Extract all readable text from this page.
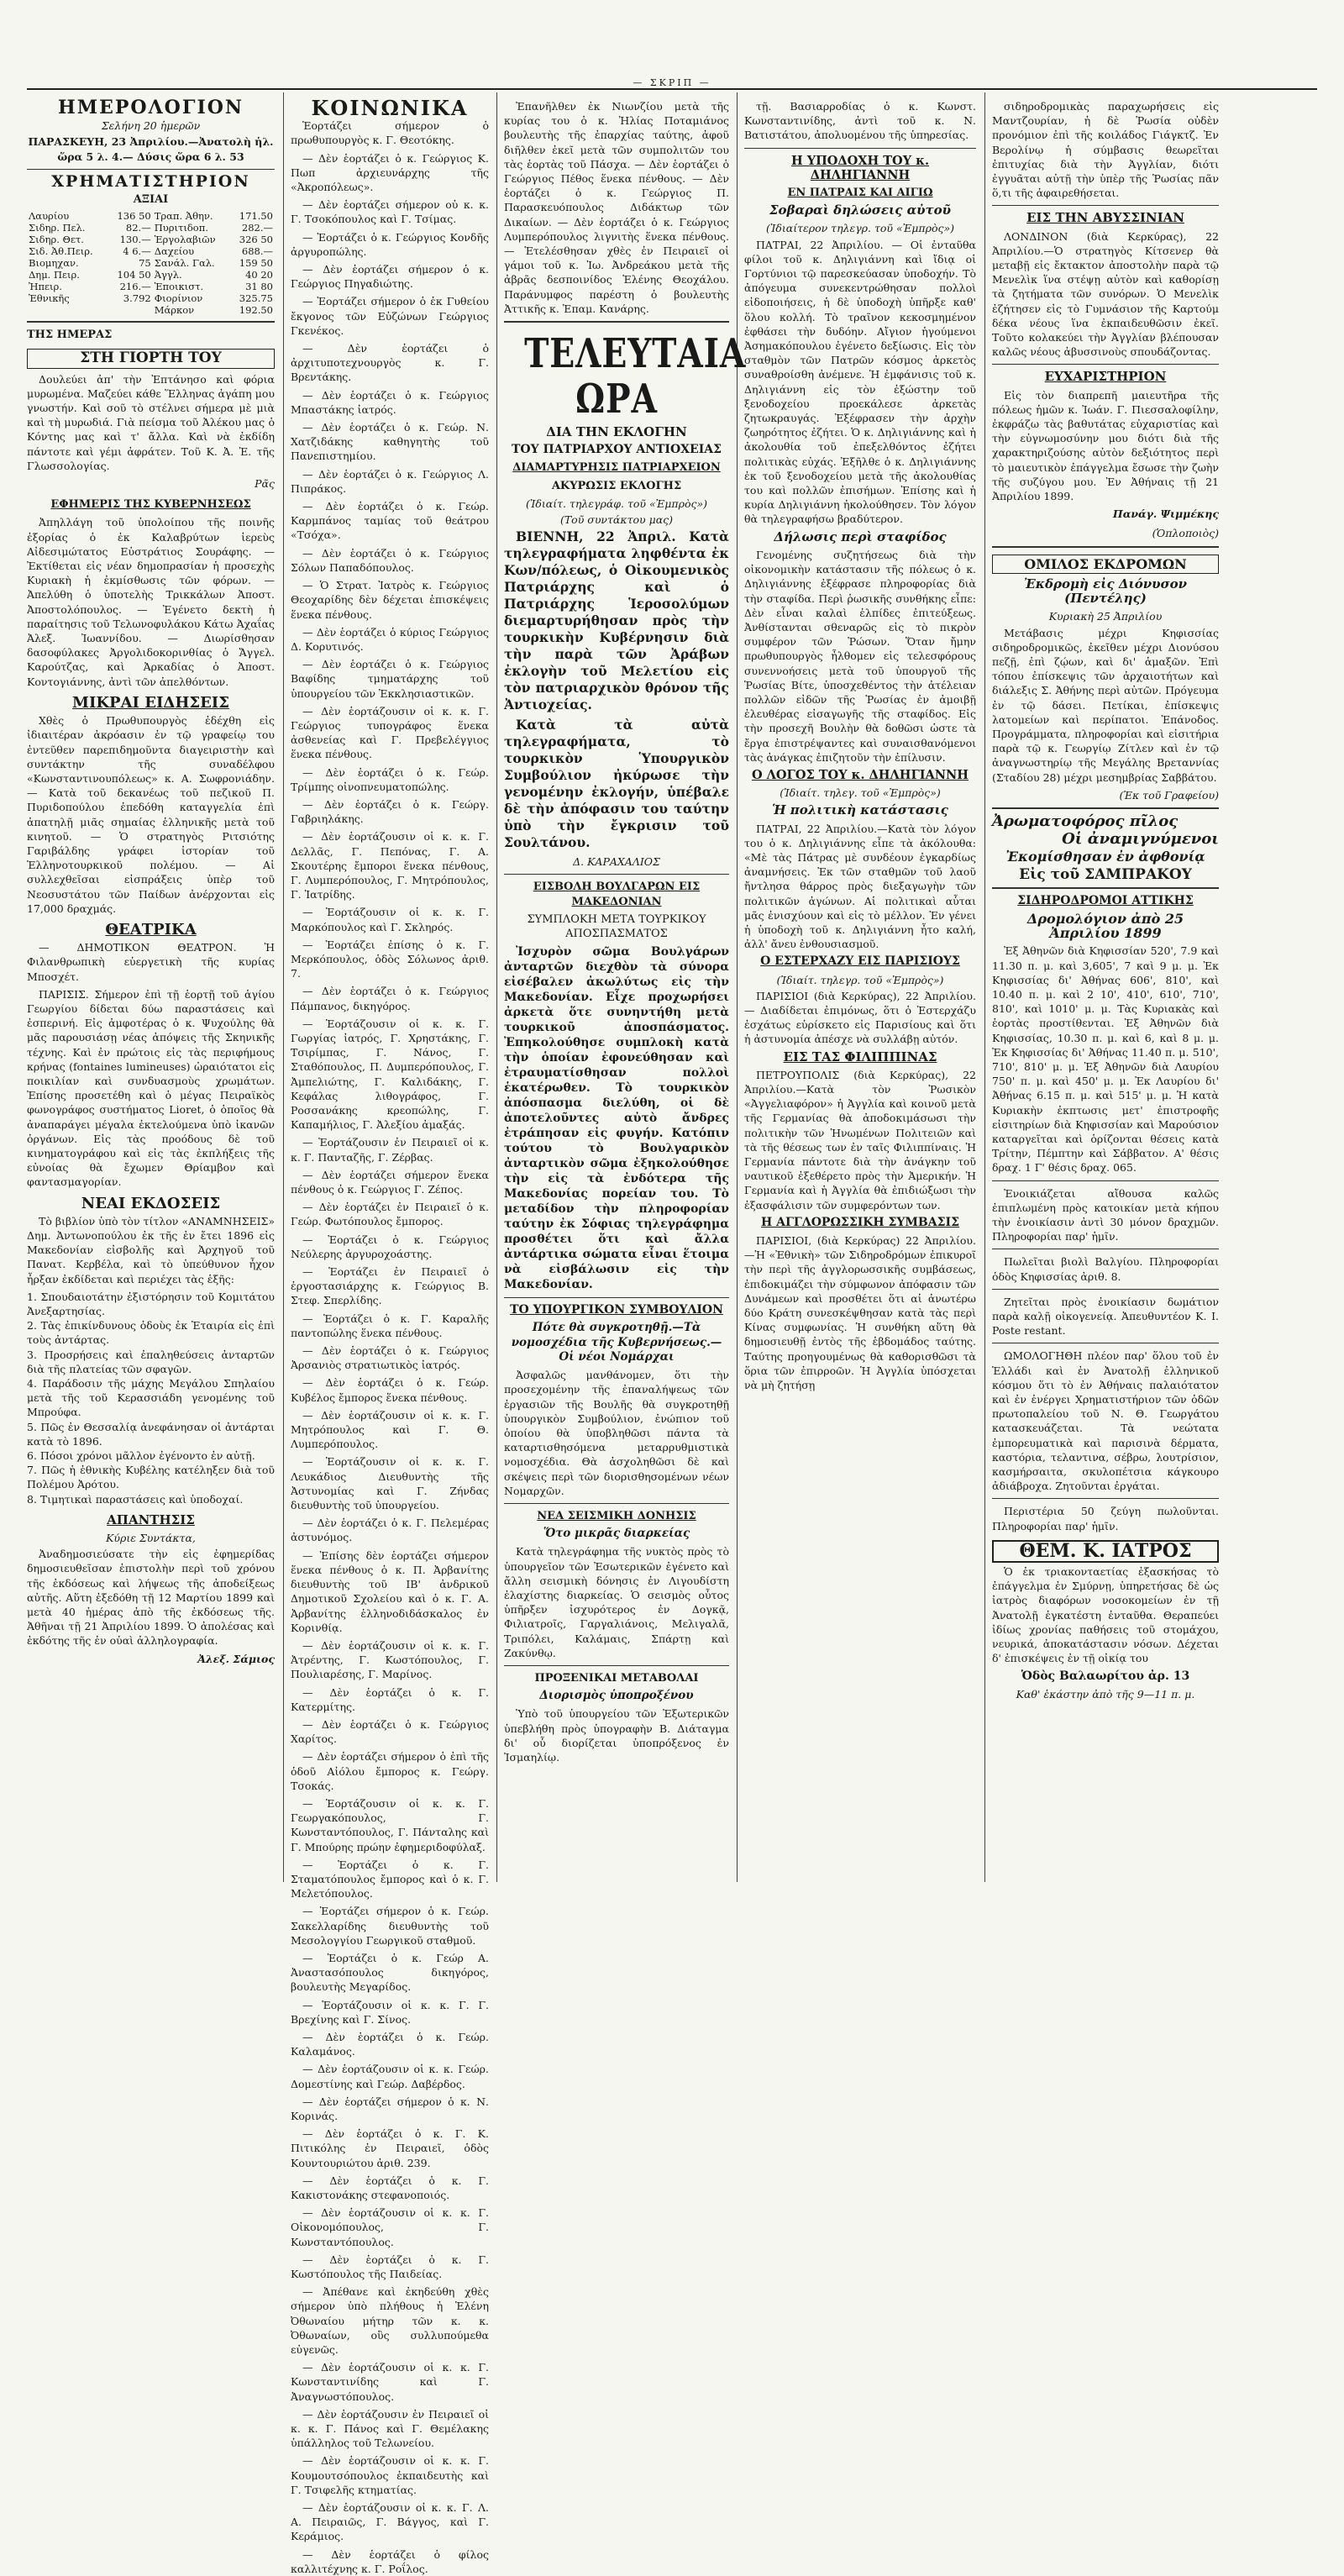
— ΣΚΡΙΠ —
ΗΜΕΡΟΛΟΓΙΟΝ
Σελήνη 20 ἡμερῶν
ΠΑΡΑΣΚΕΥΗ, 23 Ἀπριλίου.—Ἀνατολὴ ἡλ. ὥρα 5 λ. 4.— Δύσις ὥρα 6 λ. 53
ΧΡΗΜΑΤΙΣΤΗΡΙΟΝ
ΑΞΙΑΙ
Λαυρίου	136 50	Τραπ. Ἀθην.	171.50
Σιδηρ. Πελ.	82.—	Πυριτιδοπ.	282.—
Σιδηρ. Θετ.	130.—	Ἐργολαβιῶν	326 50
Σιδ. Ἀθ.Πειρ.	4 6.—	Δαχείου	688.—
Βιομηχαν.	75	Σανάλ. Γαλ.	159 50
Δημ. Πειρ.	104 50	Ἀγγλ.	40 20
Ἠπειρ.	216.—	Ἐποικιστ.	31 80
Ἐθνικῆς	3.792	Φιορίνιον	325.75
		Μάρκον	192.50
ΤΗΣ ΗΜΕΡΑΣ
ΣΤΗ ΓΙΟΡΤΗ ΤΟΥ

Δουλεύει ἀπ' τὴν Ἐπτάνησο καὶ φόρια μυρωμένα. Μαζεύει κάθε Ἕλληνας ἀγάπη μου γνωστήν. Καὶ σοῦ τὸ στέλνει σήμερα μὲ μιὰ καὶ τὴ μυρωδιά. Γιὰ πείσμα τοῦ Ἀλέκου μας ὁ Κόντης μας καὶ τ' ἄλλα. Καὶ νὰ ἐκδίδη πάντοτε καὶ γέμι ἀφράτεν. Τοῦ Κ. Ἀ. Ἐ. τῆς Γλωσσολογίας.

Ρᾶς
ΕΦΗΜΕΡΙΣ ΤΗΣ ΚΥΒΕΡΝΗΣΕΩΣ

Ἀπηλλάγη τοῦ ὑπολοίπου τῆς ποινῆς ἐξορίας ὁ ἐκ Καλαβρύτων ἱερεὺς Αἰδεσιμώτατος Εὐστράτιος Σουράφης. — Ἐκτίθεται εἰς νέαν δημοπρασίαν ἡ προσεχὴς Κυριακὴ ἡ ἐκμίσθωσις τῶν φόρων. — Ἀπελύθη ὁ ὑποτελὴς Τρικκάλων Ἀποστ. Ἀποστολόπουλος. — Ἐγένετο δεκτὴ ἡ παραίτησις τοῦ Τελωνοφυλάκου Κάτω Ἀχαΐας Ἀλεξ. Ἰωαννίδου. — Διωρίσθησαν δασοφύλακες Ἀργολιδοκορινθίας ὁ Ἄγγελ. Καρούτζας, καὶ Ἀρκαδίας ὁ Ἀποστ. Κοντογιάννης, ἀντὶ τῶν ἀπελθόντων.

ΜΙΚΡΑΙ ΕΙΔΗΣΕΙΣ

Χθὲς ὁ Πρωθυπουργὸς ἐδέχθη εἰς ἰδιαιτέραν ἀκρόασιν ἐν τῷ γραφείῳ του ἐντεῦθεν παρεπιδημοῦντα διαγειριστὴν καὶ συντάκτην τῆς συναδέλφου «Κωνσταντινουπόλεως» κ. Α. Σωφρονιάδην. — Κατὰ τοῦ δεκανέως τοῦ πεζικοῦ Π. Πυριδοπούλου ἐπεδόθη καταγγελία ἐπὶ ἀπατηλῇ μιᾶς σημαίας ἑλληνικῆς μετὰ τοῦ κινητοῦ. — Ὁ στρατηγὸς Ριτσιότης Γαριβάλδης γράφει ἱστορίαν τοῦ Ἑλληνοτουρκικοῦ πολέμου. — Αἱ συλλεχθεῖσαι εἰσπράξεις ὑπὲρ τοῦ Νεοσυστάτου τῶν Παίδων ἀνέρχονται εἰς 17,000 δραχμάς.

ΘΕΑΤΡΙΚΑ

— ΔΗΜΟΤΙΚΟΝ ΘΕΑΤΡΟΝ. Ἡ Φιλανθρωπικὴ εὐεργετικὴ τῆς κυρίας Μποσχέτ.

ΠΑΡΙΣΙΣ. Σήμερον ἐπὶ τῇ ἑορτῇ τοῦ ἁγίου Γεωργίου δίδεται δύω παραστάσεις καὶ ἐσπερινή. Εἰς ἀμφοτέρας ὁ κ. Ψυχούλης θὰ μᾶς παρουσιάσῃ νέας ἀπόψεις τῆς Σκηνικῆς τέχνης. Καὶ ἐν πρώτοις εἰς τὰς περιφήμους κρήνας (fontaines lumineuses) ὡραιότατοι εἰς ποικιλίαν καὶ συνδυασμοὺς χρωμάτων. Ἐπίσης προσετέθη καὶ ὁ μέγας Πειραϊκὸς φωνογράφος συστήματος Lioret, ὁ ὁποῖος θὰ ἀναπαράγει μέγαλα ἐκτελούμενα ὑπὸ ἱκανῶν ὀργάνων. Εἰς τὰς προόδους δὲ τοῦ κινηματογράφου καὶ εἰς τὰς ἐκπλήξεις τῆς εὐνοίας θὰ ἔχωμεν Θρίαμβον καὶ φαντασμαγορίαν.

ΝΕΑΙ ΕΚΔΟΣΕΙΣ

Τὸ βιβλίον ὑπὸ τὸν τίτλον «ΑΝΑΜΝΗΣΕΙΣ» Δημ. Ἀντωνοπούλου ἐκ τῆς ἐν ἔτει 1896 εἰς Μακεδονίαν εἰσβολῆς καὶ Ἀρχηγοῦ τοῦ Πανατ. Κερβέλα, καὶ τὸ ὑπεύθυνον ἦχον ἦρξαν ἐκδίδεται καὶ περιέχει τὰς ἑξῆς:

1. Σπουδαιοτάτην ἐξιστόρησιν τοῦ Κομιτάτου Ἀνεξαρτησίας.
2. Τὰς ἐπικίνδυνους ὁδοὺς ἐκ Ἐταιρία εἰς ἐπὶ τοὺς ἀντάρτας.
3. Προσρήσεις καὶ ἐπαληθεύσεις ἀνταρτῶν διὰ τῆς πλατείας τῶν σφαγῶν.
4. Παράδοσιν τῆς μάχης Μεγάλου Σπηλαίου μετὰ τῆς τοῦ Κερασσιάδη γενομένης τοῦ Μπρούφα.
5. Πῶς ἐν Θεσσαλίᾳ ἀνεφάνησαν οἱ ἀντάρται κατὰ τὸ 1896.
6. Πόσοι χρόνοι μᾶλλον ἐγένοντο ἐν αὐτῇ.
7. Πῶς ἡ ἐθνικὴς Κυβέλης κατέληξεν διὰ τοῦ Πολέμου Ἀρότου.
8. Τιμητικαὶ παραστάσεις καὶ ὑποδοχαί.
ΑΠΑΝΤΗΣΙΣ
Κύριε Συντάκτα,

Ἀναδημοσιεύσατε τὴν εἰς ἐφημερίδας δημοσιευθεῖσαν ἐπιστολὴν περὶ τοῦ χρόνου τῆς ἐκδόσεως καὶ λήψεως τῆς ἀποδείξεως αὐτῆς. Αὕτη ἐξεδόθη τῇ 12 Μαρτίου 1899 καὶ μετὰ 40 ἡμέρας ἀπὸ τῆς ἐκδόσεως τῆς. Ἀθῆναι τῇ 21 Ἀπριλίου 1899. Ὁ ἀπολέσας καὶ ἐκδότης τῆς ἐν οὐαὶ ἀλληλογραφία.

Ἀλεξ. Σάμιος
ΚΟΙΝΩΝΙΚΑ

Ἑορτάζει σήμερον ὁ πρωθυπουργὸς κ. Γ. Θεοτόκης.

— Δὲν ἑορτάζει ὁ κ. Γεώργιος Κ. Πωπ ἀρχιευνάρχης τῆς «Ἀκροπόλεως».

— Δὲν ἑορτάζει σήμερον οὐ κ. κ. Γ. Τσοκόπουλος καὶ Γ. Τσίμας.

— Ἑορτάζει ὁ κ. Γεώργιος Κονδῆς ἀργυροπώλης.

— Δὲν ἑορτάζει σήμερον ὁ κ. Γεώργιος Πηγαδιώτης.

— Ἑορτάζει σήμερον ὁ ἐκ Γυθείου ἔκγονος τῶν Εὐζώνων Γεώργιος Γκενέκος.

— Δὲν ἑορτάζει ὁ ἀρχιτυποτεχνουργὸς κ. Γ. Βρεντάκης.

— Δὲν ἑορτάζει ὁ κ. Γεώργιος Μπαστάκης ἰατρός.

— Δὲν ἑορτάζει ὁ κ. Γεώρ. Ν. Χατζιδάκης καθηγητὴς τοῦ Πανεπιστημίου.

— Δὲν ἑορτάζει ὁ κ. Γεώργιος Λ. Πιπράκος.

— Δὲν ἑορτάζει ὁ κ. Γεώρ. Καρμπάνος ταμίας τοῦ θεάτρου «Τσόχα».

— Δὲν ἑορτάζει ὁ κ. Γεώργιος Σόλων Παπαδόπουλος.

— Ὁ Στρατ. Ἰατρὸς κ. Γεώργιος Θεοχαρίδης δὲν δέχεται ἐπισκέψεις ἕνεκα πένθους.

— Δὲν ἑορτάζει ὁ κύριος Γεώργιος Δ. Κορυτινός.

— Δὲν ἑορτάζει ὁ κ. Γεώργιος Βαφίδης τμηματάρχης τοῦ ὑπουργείου τῶν Ἐκκλησιαστικῶν.

— Δὲν ἑορτάζουσιν οἱ κ. κ. Γ. Γεώργιος τυπογράφος ἕνεκα ἀσθενείας καὶ Γ. Πρεβελέγγιος ἕνεκα πένθους.

— Δὲν ἑορτάζει ὁ κ. Γεώρ. Τρίμπης οἰνοπνευματοπώλης.

— Δὲν ἑορτάζει ὁ κ. Γεώργ. Γαβριηλάκης.

— Δὲν ἑορτάζουσιν οἱ κ. κ. Γ. Δελλᾶς, Γ. Πεπόνας, Γ. Α. Σκουτέρης ἔμποροι ἕνεκα πένθους, Γ. Λυμπερόπουλος, Γ. Μητρόπουλος, Γ. Ἰατρίδης.

— Ἑορτάζουσιν οἱ κ. κ. Γ. Μαρκόπουλος καὶ Γ. Σκληρός.

— Ἑορτάζει ἐπίσης ὁ κ. Γ. Μερκόπουλος, ὁδὸς Σόλωνος ἀριθ. 7.

— Δὲν ἑορτάζει ὁ κ. Γεώργιος Πάμπανος, δικηγόρος.

— Ἑορτάζουσιν οἱ κ. κ. Γ. Γωργίας ἰατρός, Γ. Χρηστάκης, Γ. Τσιρίμπας, Γ. Νάνος, Γ. Σταθόπουλος, Π. Δυμπερόπουλος, Γ. Ἀμπελιώτης, Γ. Καλιδάκης, Γ. Κεφάλας λιθογράφος, Γ. Ροσσανάκης κρεοπώλης, Γ. Καπαμήλιος, Γ. Ἀλεξίου ἀμαξάς.

— Ἑορτάζουσιν ἐν Πειραιεῖ οἱ κ. κ. Γ. Πανταζῆς, Γ. Ζέρβας.

— Δὲν ἑορτάζει σήμερον ἕνεκα πένθους ὁ κ. Γεώργιος Γ. Ζέπος.

— Δὲν ἑορτάζει ἐν Πειραιεῖ ὁ κ. Γεώρ. Φωτόπουλος ἔμπορος.

— Ἑορτάζει ὁ κ. Γεώργιος Νεύλερης ἀργυροχοάστης.

— Ἑορτάζει ἐν Πειραιεῖ ὁ ἐργοστασιάρχης κ. Γεώργιος Β. Στεφ. Σπερλίδης.

— Ἑορτάζει ὁ κ. Γ. Καραλῆς παντοπώλης ἕνεκα πένθους.

— Δὲν ἑορτάζει ὁ κ. Γεώργιος Ἀρσανιὸς στρατιωτικὸς ἰατρός.

— Δὲν ἑορτάζει ὁ κ. Γεώρ. Κυβέλος ἔμπορος ἕνεκα πένθους.

— Δὲν ἑορτάζουσιν οἱ κ. κ. Γ. Μητρόπουλος καὶ Γ. Θ. Λυμπερόπουλος.

— Ἑορτάζουσιν οἱ κ. κ. Γ. Λευκάδιος Διευθυντὴς τῆς Ἀστυνομίας καὶ Γ. Ζήνδας διευθυντὴς τοῦ ὑπουργείου.

— Δὲν ἑορτάζει ὁ κ. Γ. Πελεμέρας ἀστυνόμος.

— Ἐπίσης δὲν ἑορτάζει σήμερον ἕνεκα πένθους ὁ κ. Π. Ἀρβανίτης διευθυντὴς τοῦ ΙΒ' ἀνδρικοῦ Δημοτικοῦ Σχολείου καὶ ὁ κ. Γ. Α. Ἀρβανίτης ἑλληνοδιδάσκαλος ἐν Κορινθίᾳ.

— Δὲν ἑορτάζουσιν οἱ κ. κ. Γ. Ἀτρέντης, Γ. Κωστόπουλος, Γ. Πουλιαρέσης, Γ. Μαρίνος.

— Δὲν ἑορτάζει ὁ κ. Γ. Κατερμίτης.

— Δὲν ἑορτάζει ὁ κ. Γεώργιος Χαρίτος.

— Δὲν ἑορτάζει σήμερον ὁ ἐπὶ τῆς ὁδοῦ Αἰόλου ἔμπορος κ. Γεώργ. Τσοκάς.

— Ἑορτάζουσιν οἱ κ. κ. Γ. Γεωργακόπουλος, Γ. Κωνσταντόπουλος, Γ. Πάνταλης καὶ Γ. Μπούρης πρώην ἐφημεριδοφύλαξ.

— Ἑορτάζει ὁ κ. Γ. Σταματόπουλος ἔμπορος καὶ ὁ κ. Γ. Μελετόπουλος.

— Ἑορτάζει σήμερον ὁ κ. Γεώρ. Σακελλαρίδης διευθυντὴς τοῦ Μεσολογγίου Γεωργικοῦ σταθμοῦ.

— Ἑορτάζει ὁ κ. Γεώρ Α. Ἀναστασόπουλος δικηγόρος, βουλευτὴς Μεγαρίδος.

— Ἑορτάζουσιν οἱ κ. κ. Γ. Γ. Βρεχίνης καὶ Γ. Σίνος.

— Δὲν ἑορτάζει ὁ κ. Γεώρ. Καλαμάνος.

— Δὲν ἑορτάζουσιν οἱ κ. κ. Γεώρ. Δομεστίνης καὶ Γεώρ. Δαβέρδος.

— Δὲν ἑορτάζει σήμερον ὁ κ. Ν. Κορινάς.

— Δὲν ἑορτάζει ὁ κ. Γ. Κ. Πιτικόλης ἐν Πειραιεῖ, ὁδὸς Κουντουριώτου ἀριθ. 239.

— Δὲν ἑορτάζει ὁ κ. Γ. Κακιστονάκης στεφανοποιός.

— Δὲν ἑορτάζουσιν οἱ κ. κ. Γ. Οἰκονομόπουλος, Γ. Κωνσταντόπουλος.

— Δὲν ἑορτάζει ὁ κ. Γ. Κωστόπουλος τῆς Παιδείας.

— Ἀπέθανε καὶ ἐκηδεύθη χθὲς σήμερον ὑπὸ πλήθους ἡ Ἑλένη Ὀθωναίου μήτηρ τῶν κ. κ. Ὀθωναίων, οὓς συλλυπούμεθα εὐγενῶς.

— Δὲν ἑορτάζουσιν οἱ κ. κ. Γ. Κωνσταντινίδης καὶ Γ. Ἀναγνωστόπουλος.

— Δὲν ἑορτάζουσιν ἐν Πειραιεῖ οἱ κ. κ. Γ. Πάνος καὶ Γ. Θεμέλακης ὑπάλληλος τοῦ Τελωνείου.

— Δὲν ἑορτάζουσιν οἱ κ. κ. Γ. Κουμουτσόπουλος ἐκπαιδευτὴς καὶ Γ. Τσιφελῆς κτηματίας.

— Δὲν ἑορτάζουσιν οἱ κ. κ. Γ. Λ. Α. Πειραιῶς, Γ. Βάγγος, καὶ Γ. Κεράμιος.

— Δὲν ἑορτάζει ὁ φίλος καλλιτέχνης κ. Γ. Ροΐλος.

Ἐπανῆλθεν ἐκ Νιωνζίου μετὰ τῆς κυρίας του ὁ κ. Ἠλίας Ποταμιάνος βουλευτὴς τῆς ἐπαρχίας ταύτης, ἀφοῦ διῆλθεν ἐκεῖ μετὰ τῶν συμπολιτῶν του τὰς ἑορτὰς τοῦ Πάσχα. — Δὲν ἑορτάζει ὁ Γεώργιος Πέθος ἕνεκα πένθους. — Δὲν ἑορτάζει ὁ κ. Γεώργιος Π. Παρασκευόπουλος Διδάκτωρ τῶν Δικαίων. — Δὲν ἑορτάζει ὁ κ. Γεώργιος Λυμπερόπουλος λιγνιτὴς ἕνεκα πένθους. — Ἑτελέσθησαν χθὲς ἐν Πειραιεῖ οἱ γάμοι τοῦ κ. Ἰω. Ἀνδρεάκου μετὰ τῆς ἀβρᾶς δεσποινίδος Ἑλένης Θεοχάλου. Παράνυμφος παρέστη ὁ βουλευτὴς Ἀττικῆς κ. Ἐπαμ. Κανάρης.

ΤΕΛΕΥΤΑΙΑ ΩΡΑ
ΔΙΑ ΤΗΝ ΕΚΛΟΓΗΝ
ΤΟΥ ΠΑΤΡΙΑΡΧΟΥ ΑΝΤΙΟΧΕΙΑΣ
ΔΙΑΜΑΡΤΥΡΗΣΙΣ ΠΑΤΡΙΑΡΧΕΙΟΝ
ΑΚΥΡΩΣΙΣ ΕΚΛΟΓΗΣ
(Ἰδιαίτ. τηλεγράφ. τοῦ «Ἐμπρὸς»)
(Τοῦ συντάκτου μας)

ΒΙΕΝΝΗ, 22 Ἀπριλ. Κατὰ τηλεγραφήματα ληφθέντα ἐκ Κων/πόλεως, ὁ Οἰκουμενικὸς Πατριάρχης καὶ ὁ Πατριάρχης Ἱεροσολύμων διεμαρτυρήθησαν πρὸς τὴν τουρκικὴν Κυβέρνησιν διὰ τὴν παρὰ τῶν Ἀράβων ἐκλογὴν τοῦ Μελετίου εἰς τὸν πατριαρχικὸν θρόνον τῆς Ἀντιοχείας.

Κατὰ τὰ αὐτὰ τηλεγραφήματα, τὸ τουρκικὸν Ὑπουργικὸν Συμβούλιον ἠκύρωσε τὴν γενομένην ἐκλογήν, ὑπέβαλε δὲ τὴν ἀπόφασιν του ταύτην ὑπὸ τὴν ἔγκρισιν τοῦ Σουλτάνου.

Δ. ΚΑΡΑΧΑΛΙΟΣ
ΕΙΣΒΟΛΗ ΒΟΥΛΓΑΡΩΝ ΕΙΣ ΜΑΚΕΔΟΝΙΑΝ
ΣΥΜΠΛΟΚΗ ΜΕΤΑ ΤΟΥΡΚΙΚΟΥ ΑΠΟΣΠΑΣΜΑΤΟΣ

Ἰσχυρὸν σῶμα Βουλγάρων ἀνταρτῶν διεχθὸν τὰ σύνορα εἰσέβαλεν ἀκωλύτως εἰς τὴν Μακεδονίαν. Εἶχε προχωρήσει ἀρκετὰ ὅτε συνηντήθη μετὰ τουρκικοῦ ἀποσπάσματος. Ἐπηκολούθησε συμπλοκὴ κατὰ τὴν ὁποίαν ἐφονεύθησαν καὶ ἐτραυματίσθησαν πολλοὶ ἑκατέρωθεν. Τὸ τουρκικὸν ἀπόσπασμα διελύθη, οἱ δὲ ἀποτελοῦντες αὐτὸ ἄνδρες ἐτράπησαν εἰς φυγήν. Κατόπιν τούτου τὸ Βουλγαρικὸν ἀνταρτικὸν σῶμα ἐξηκολούθησε τὴν εἰς τὰ ἐνδότερα τῆς Μακεδονίας πορείαν του. Τὸ μεταδίδον τὴν πληροφορίαν ταύτην ἐκ Σόφιας τηλεγράφημα προσθέτει ὅτι καὶ ἄλλα ἀντάρτικα σώματα εἶναι ἕτοιμα νὰ εἰσβάλωσιν εἰς τὴν Μακεδονίαν.

ΤΟ ΥΠΟΥΡΓΙΚΟΝ ΣΥΜΒΟΥΛΙΟΝ
Πότε θὰ συγκροτηθῇ.—Τὰ νομοσχέδια τῆς Κυβερνήσεως.— Οἱ νέοι Νομάρχαι

Ἀσφαλῶς μανθάνομεν, ὅτι τὴν προσεχομένην τῆς ἐπαναλήψεως τῶν ἐργασιῶν τῆς Βουλῆς θὰ συγκροτηθῇ ὑπουργικὸν Συμβούλιον, ἐνώπιον τοῦ ὁποίου θὰ ὑποβληθῶσι πάντα τὰ καταρτισθησόμενα μεταρρυθμιστικὰ νομοσχέδια. Θὰ ἀσχοληθῶσι δὲ καὶ σκέψεις περὶ τῶν διορισθησομένων νέων Νομαρχῶν.

ΝΕΑ ΣΕΙΣΜΙΚΗ ΔΟΝΗΣΙΣ
Ὅτο μικρᾶς διαρκείας

Κατὰ τηλεγράφημα τῆς νυκτὸς πρὸς τὸ ὑπουργεῖον τῶν Ἐσωτερικῶν ἐγένετο καὶ ἄλλη σεισμικὴ δόνησις ἐν Λιγουδίστη ἐλαχίστης διαρκείας. Ὁ σεισμὸς οὗτος ὑπῆρξεν ἰσχυρότερος ἐν Δογκᾷ, Φιλιατροῖς, Γαργαλιάνοις, Μελιγαλᾶ, Τριπόλει, Καλάμαις, Σπάρτῃ καὶ Ζακύνθῳ.

ΠΡΟΞΕΝΙΚΑΙ ΜΕΤΑΒΟΛΑΙ
Διορισμὸς ὑποπροξένου

Ὑπὸ τοῦ ὑπουργείου τῶν Ἐξωτερικῶν ὑπεβλήθη πρὸς ὑπογραφὴν Β. Διάταγμα δι' οὗ διορίζεται ὑποπρόξενος ἐν Ἰσμαηλίῳ.

τῇ. Βασιαρροδίας ὁ κ. Κωνστ. Κωνσταντινίδης, ἀντὶ τοῦ κ. Ν. Βατιστάτου, ἀπολυομένου τῆς ὑπηρεσίας.

Η ΥΠΟΔΟΧΗ ΤΟΥ κ. ΔΗΛΗΓΙΑΝΝΗ
ΕΝ ΠΑΤΡΑΙΣ ΚΑΙ ΑΙΓΙΩ
Σοβαραὶ δηλώσεις αὐτοῦ
(Ἰδιαίτερον τηλεγρ. τοῦ «Ἐμπρὸς»)

ΠΑΤΡΑΙ, 22 Ἀπριλίου. — Οἱ ἐνταῦθα φίλοι τοῦ κ. Δηλιγιάννη καὶ ἴδιᾳ οἱ Γορτύνιοι τῷ παρεσκεύασαν ὑποδοχήν. Τὸ ἀπόγευμα συνεκεντρώθησαν πολλοὶ εἰδοποιήσεις, ἡ δὲ ὑποδοχὴ ὑπῆρξε καθ' ὅλου κολλή. Τὸ τραῖνον κεκοσμημένον ἐφθάσει τὴν δυδόην. Αἴγιον ἡγούμενοι Ἀσημακόπουλου ἐγένετο δεξίωσις. Εἰς τὸν σταθμὸν τῶν Πατρῶν κόσμος ἀρκετὸς συναθροίσθη ἀνέμενε. Ἡ ἐμφάνισις τοῦ κ. Δηλιγιάννη εἰς τὸν ἐξώστην τοῦ ξενοδοχείου προεκάλεσε ἀρκετὰς ζητωκραυγάς. Ἐξέφρασεν τὴν ἀρχὴν ζωηρότητος ἐζήτει. Ὁ κ. Δηλιγιάννης καὶ ἡ ἀκολουθία τοῦ ἐπεξελθόντος ἐζήτει πολιτικὰς εὐχάς. Ἐξῆλθε ὁ κ. Δηλιγιάννης ἐκ τοῦ ξενοδοχείου μετὰ τῆς ἀκολουθίας του καὶ πολλῶν ἐπισήμων. Ἐπίσης καὶ ἡ κυρία Δηλιγιάννη ἠκολούθησεν. Τὸν λόγον θὰ τηλεγραφήσω βραδύτερον.

Δήλωσις περὶ σταφίδος

Γενομένης συζητήσεως διὰ τὴν οἰκονομικὴν κατάστασιν τῆς πόλεως ὁ κ. Δηλιγιάννης ἐξέφρασε πληροφορίας διὰ τὴν σταφίδα. Περὶ ῥωσικῆς συνθήκης εἶπε: Δὲν εἶναι καλαὶ ἐλπίδες ἐπιτεύξεως. Ἀνθίστανται σθεναρῶς εἰς τὸ πικρὸν συμφέρον τῶν Ῥώσων. Ὅταν ἤμην πρωθυπουργὸς ἦλθομεν εἰς τελεσφόρους συνεννοήσεις μετὰ τοῦ ὑπουργοῦ τῆς Ῥωσίας Βίτε, ὑποσχεθέντος τὴν ἀτέλειαν πολλῶν εἰδῶν τῆς Ῥωσίας ἐν ἀμοιβῇ ἐλευθέρας εἰσαγωγῆς τῆς σταφίδος. Εἰς τὴν προσεχῆ Βουλὴν θὰ δοθῶσι ὡστε τὰ ἔργα ἐπιστρέψαντες καὶ συναισθανόμενοι τὰς ἀνάγκας ἐπιζητοῦν τὴν ἐπίλυσιν.

Ο ΛΟΓΟΣ ΤΟΥ κ. ΔΗΛΗΓΙΑΝΝΗ
(Ἰδιαίτ. τηλεγ. τοῦ «Ἐμπρὸς»)
Ἡ πολιτικὴ κατάστασις

ΠΑΤΡΑΙ, 22 Ἀπριλίου.—Κατὰ τὸν λόγον του ὁ κ. Δηλιγιάννης εἶπε τὰ ἀκόλουθα: «Μὲ τὰς Πάτρας μὲ συνδέουν ἐγκαρδίως ἀναμνήσεις. Ἐκ τῶν σταθμῶν τοῦ λαοῦ ἤντλησα θάρρος πρὸς διεξαγωγὴν τῶν πολιτικῶν ἀγώνων. Αἱ πολιτικαὶ αὗται μᾶς ἐνισχύουν καὶ εἰς τὸ μέλλον. Ἐν γένει ἡ ὑποδοχὴ τοῦ κ. Δηλιγιάννη ἦτο καλή, ἀλλ' ἄνευ ἐνθουσιασμοῦ.

Ο ΕΣΤΕΡΧΑΖΥ ΕΙΣ ΠΑΡΙΣΙΟΥΣ
(Ἰδιαίτ. τηλεγρ. τοῦ «Ἐμπρὸς»)

ΠΑΡΙΣΙΟΙ (διὰ Κερκύρας), 22 Ἀπριλίου. — Διαδίδεται ἐπιμόνως, ὅτι ὁ Ἐστερχάζυ ἐσχάτως εὑρίσκετο εἰς Παρισίους καὶ ὅτι ἡ ἀστυνομία ἀπέσχε νὰ συλλάβῃ αὐτόν.

ΕΙΣ ΤΑΣ ΦΙΛΙΠΠΙΝΑΣ

ΠΕΤΡΟΥΠΟΛΙΣ (διὰ Κερκύρας), 22 Ἀπριλίου.—Κατὰ τὸν Ῥωσικὸν «Ἀγγελιαφόρον» ἡ Ἀγγλία καὶ κοινοῦ μετὰ τῆς Γερμανίας θὰ ἀποδοκιμάσωσι τὴν πολιτικὴν τῶν Ἡνωμένων Πολιτειῶν καὶ τὰ τῆς θέσεως των ἐν ταῖς Φιλιππίναις. Ἡ Γερμανία πάντοτε διὰ τὴν ἀνάγκην τοῦ ναυτικοῦ ἐξεθέρετο πρὸς τὴν Ἀμερικήν. Ἡ Γερμανία καὶ ἡ Ἀγγλία θὰ ἐπιδιώξωσι τὴν ἐξασφάλισιν τῶν συμφερόντων των.

Η ΑΓΓΛΟΡΩΣΣΙΚΗ ΣΥΜΒΑΣΙΣ

ΠΑΡΙΣΙΟΙ, (διὰ Κερκύρας) 22 Ἀπριλίου.—Ἡ «Ἐθνικὴ» τῶν Σιδηροδρόμων ἐπικυροῖ τὴν περὶ τῆς ἀγγλορωσσικῆς συμβάσεως, ἐπιδοκιμάζει τὴν σύμφωνον ἀπόφασιν τῶν Δυνάμεων καὶ προσθέτει ὅτι αἱ ἀνωτέρω δύο Κράτη συνεσκέψθησαν κατὰ τὰς περὶ Κίνας συμφωνίας. Ἡ συνθήκη αὕτη θὰ δημοσιευθῇ ἐντὸς τῆς ἑβδομάδος ταύτης. Ταύτης προηγουμένως θὰ καθορισθῶσι τὰ ὅρια τῶν ἐπιρροῶν. Ἡ Ἀγγλία ὑπόσχεται νὰ μὴ ζητήσῃ

σιδηροδρομικὰς παραχωρήσεις εἰς Μαντζουρίαν, ἡ δὲ Ῥωσία οὐδὲν προνόμιον ἐπὶ τῆς κοιλάδος Γιάγκτζ. Ἐν Βερολίνῳ ἡ σύμβασις θεωρεῖται ἐπιτυχίας διὰ τὴν Ἀγγλίαν, διότι ἐγγυᾶται αὐτῇ τὴν ὑπὲρ τῆς Ῥωσίας πᾶν ὅ,τι τῆς ἀφαιρεθήσεται.

ΕΙΣ ΤΗΝ ΑΒΥΣΣΙΝΙΑΝ

ΛΟΝΔΙΝΟΝ (διὰ Κερκύρας), 22 Ἀπριλίου.—Ὁ στρατηγὸς Κίτσενερ θὰ μεταβῇ εἰς ἔκτακτον ἀποστολὴν παρὰ τῷ Μενελὶκ ἵνα στέψῃ αὐτὸν καὶ καθορίσῃ τὰ ζητήματα τῶν συνόρων. Ὁ Μενελὶκ ἐζήτησεν εἰς τὸ Γυμνάσιον τῆς Καρτούμ δέκα νέους ἵνα ἐκπαιδευθῶσιν ἐκεῖ. Τοῦτο κολακεύει τὴν Ἀγγλίαν βλέπουσαν καλῶς νέους ἀβυσσινοὺς σπουδάζοντας.

ΕΥΧΑΡΙΣΤΗΡΙΟΝ

Εἰς τὸν διαπρεπῆ μαιευτῆρα τῆς πόλεως ἡμῶν κ. Ἰωάν. Γ. Πιεσσαλοφίλην, ἐκφράζω τὰς βαθυτάτας εὐχαριστίας καὶ τὴν εὐγνωμοσύνην μου διότι διὰ τῆς χαρακτηριζούσης αὐτὸν δεξιότητος περὶ τὸ μαιευτικὸν ἐπάγγελμα ἔσωσε τὴν ζωὴν τῆς συζύγου μου. Ἐν Ἀθήναις τῇ 21 Ἀπριλίου 1899.

Πανάγ. Ψιμμέκης
(Ὁπλοποιὸς)
ΟΜΙΛΟΣ ΕΚΔΡΟΜΩΝ
Ἐκδρομὴ εἰς Διόνυσον (Πεντέλης)
Κυριακὴ 25 Ἀπριλίου

Μετάβασις μέχρι Κηφισσίας σιδηροδρομικῶς, ἐκεῖθεν μέχρι Διονύσου πεζῇ, ἐπὶ ζῴων, καὶ δι' ἁμαξῶν. Ἐπὶ τόπου ἐπίσκεψις τῶν ἀρχαιοτήτων καὶ διάλεξις Σ. Ἀθήνης περὶ αὐτῶν. Πρόγευμα ἐν τῷ δάσει. Πετίκαι, ἐπίσκεψις λατομείων καὶ περίπατοι. Ἐπάνοδος. Προγράμματα, πληροφορίαι καὶ εἰσιτήρια παρὰ τῷ κ. Γεωργίῳ Ζίτλεν καὶ ἐν τῷ ἀναγνωστηρίῳ τῆς Μεγάλης Βρεταννίας (Σταδίου 28) μέχρι μεσημβρίας Σαββάτου.

(Ἐκ τοῦ Γραφείου)
Ἀρωματοφόρος πῖλος
Οἱ ἀναμιγνύμενοι
Ἐκομίσθησαν ἐν ἀφθονίᾳ
Εἰς τοῦ ΣΑΜΠΡΑΚΟΥ
ΣΙΔΗΡΟΔΡΟΜΟΙ ΑΤΤΙΚΗΣ
Δρομολόγιον ἀπὸ 25 Ἀπριλίου 1899

Ἐξ Ἀθηνῶν διὰ Κηφισσίαν 520', 7.9 καὶ 11.30 π. μ. καὶ 3,605', 7 καὶ 9 μ. μ. Ἐκ Κηφισσίας δι' Ἀθήνας 606', 810', καὶ 10.40 π. μ. καὶ 2 10', 410', 610', 710', 810', καὶ 1010' μ. μ. Τὰς Κυριακὰς καὶ ἑορτὰς προστίθενται. Ἐξ Ἀθηνῶν διὰ Κηφισσίας, 10.30 π. μ. καὶ 6, καὶ 8 μ. μ. Ἐκ Κηφισσίας δι' Ἀθήνας 11.40 π. μ. 510', 710', 810' μ. μ. Ἐξ Ἀθηνῶν διὰ Λαυρίου 750' π. μ. καὶ 450' μ. μ. Ἐκ Λαυρίου δι' Ἀθήνας 6.15 π. μ. καὶ 515' μ. μ. Ἡ κατὰ Κυριακὴν ἐκπτωσις μετ' ἐπιστροφῆς εἰσιτηρίων διὰ Κηφισσίαν καὶ Μαρούσιον καταργεῖται καὶ ὁρίζονται θέσεις κατὰ Τρίτην, Πέμπτην καὶ Σάββατον. Α' θέσις δραχ. 1 Γ' θέσις δραχ. 065.

Ἐνοικιάζεται αἴθουσα καλῶς ἐπιπλωμένη πρὸς κατοικίαν μετὰ κήπου τὴν ἐνοικίασιν ἀντὶ 30 μόνον δραχμῶν. Πληροφορίαι παρ' ἡμῖν.

Πωλεῖται βιολὶ Βαλγίου. Πληροφορίαι ὁδὸς Κηφισσίας ἀριθ. 8.

Ζητεῖται πρὸς ἐνοικίασιν δωμάτιον παρὰ καλῇ οἰκογενείᾳ. Ἀπευθυντέον Κ. Ι. Poste restant.

ΩΜΟΛΟΓΗΘΗ πλέον παρ' ὅλου τοῦ ἐν Ἑλλάδι καὶ ἐν Ἀνατολῇ ἐλληνικοῦ κόσμου ὅτι τὸ ἐν Ἀθήναις παλαιότατον καὶ ἐν ἐνέργει Χρηματιστήριον τῶν ὁδῶν πρωτοπαλείου τοῦ Ν. Θ. Γεωργάτου κατασκευάζεται. Τὰ νεώτατα ἐμπορευματικὰ καὶ παρισινὰ δέρματα, καστόρια, τελαντινα, σέβρω, λουτρίσιον, κασμήρσαιτα, σκυλοπέτσια κάγκουρο ἀδιάβροχα. Ζητοῦνται ἐργάται.

Περιστέρια 50 ζεύγη πωλοῦνται. Πληροφορίαι παρ' ἡμῖν.

ΘΕΜ. Κ. ΙΑΤΡΟΣ

Ὁ ἐκ τριακονταετίας ἐξασκήσας τὸ ἐπάγγελμα ἐν Σμύρνῃ, ὑπηρετήσας δὲ ὡς ἰατρὸς διαφόρων νοσοκομείων ἐν τῇ Ἀνατολῇ ἐγκατέστη ἐνταῦθα. Θεραπεύει ἰδίως χρονίας παθήσεις τοῦ στομάχου, νευρικά, ἀποκατάστασιν νόσων. Δέχεται δ' ἐπισκέψεις ἐν τῇ οἰκίᾳ του

Ὁδὸς Βαλαωρίτου ἀρ. 13
Καθ' ἑκάστην ἀπὸ τῆς 9—11 π. μ.
